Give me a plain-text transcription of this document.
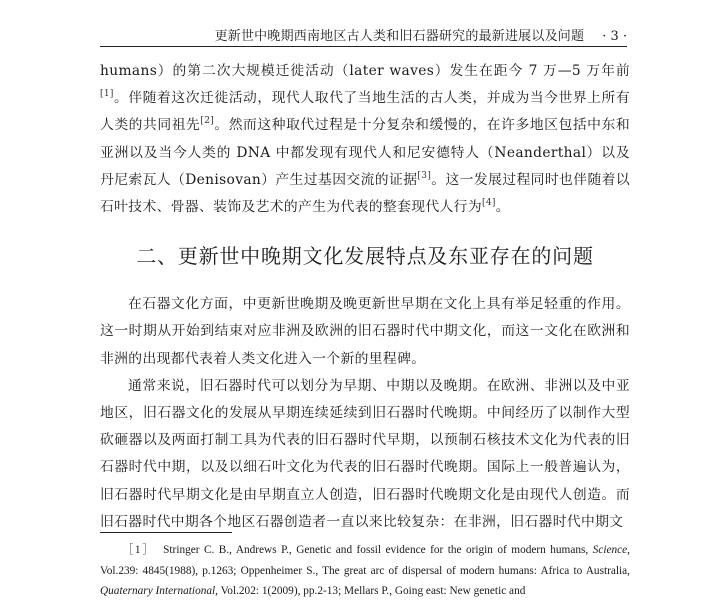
更新世中晚期西南地区古人类和旧石器研究的最新进展以及问题 · 3 ·

humans）的第二次大规模迁徙活动（later waves）发生在距今 7 万—5 万年前[1]。伴随着这次迁徙活动，现代人取代了当地生活的古人类，并成为当今世界上所有人类的共同祖先[2]。然而这种取代过程是十分复杂和缓慢的，在许多地区包括中东和亚洲以及当今人类的 DNA 中都发现有现代人和尼安德特人（Neanderthal）以及丹尼索瓦人（Denisovan）产生过基因交流的证据[3]。这一发展过程同时也伴随着以石叶技术、骨器、装饰及艺术的产生为代表的整套现代人行为[4]。

二、更新世中晚期文化发展特点及东亚存在的问题

在石器文化方面，中更新世晚期及晚更新世早期在文化上具有举足轻重的作用。这一时期从开始到结束对应非洲及欧洲的旧石器时代中期文化，而这一文化在欧洲和非洲的出现都代表着人类文化进入一个新的里程碑。

通常来说，旧石器时代可以划分为早期、中期以及晚期。在欧洲、非洲以及中亚地区，旧石器文化的发展从早期连续延续到旧石器时代晚期。中间经历了以制作大型砍砸器以及两面打制工具为代表的旧石器时代早期，以预制石核技术文化为代表的旧石器时代中期，以及以细石叶文化为代表的旧石器时代晚期。国际上一般普遍认为，旧石器时代早期文化是由早期直立人创造，旧石器时代晚期文化是由现代人创造。而旧石器时代中期各个地区石器创造者一直以来比较复杂：在非洲，旧石器时代中期文

［1］ Stringer C. B., Andrews P., Genetic and fossil evidence for the origin of modern humans, Science, Vol.239: 4845(1988), p.1263; Oppenheimer S., The great arc of dispersal of modern humans: Africa to Australia, Quaternary International, Vol.202: 1(2009), pp.2-13; Mellars P., Going east: New genetic and
